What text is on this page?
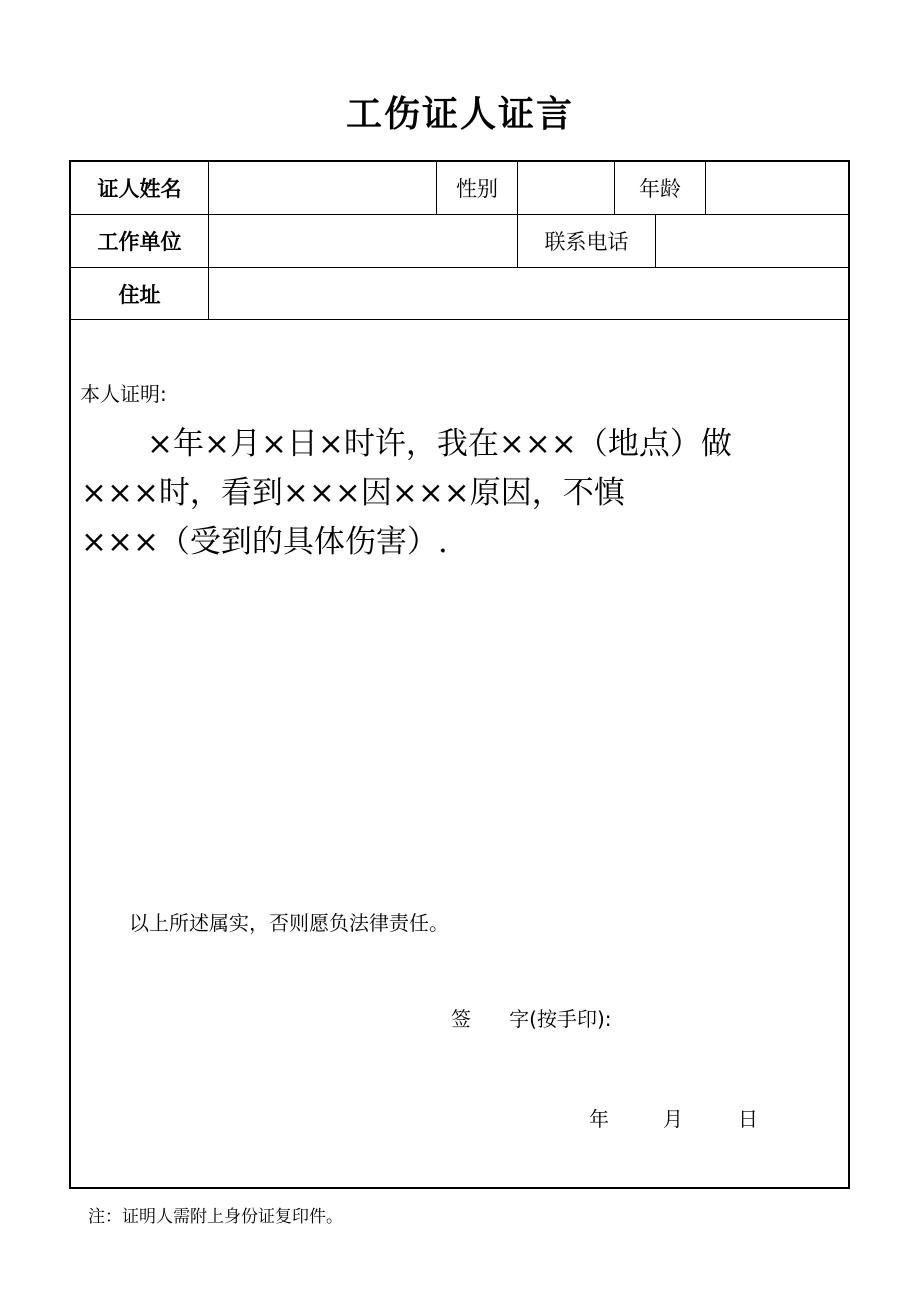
工伤证人证言
证人姓名	性别	年龄
工作单位	联系电话
住址
本人证明:
×年×月×日×时许，我在×××（地点）做
×××时，看到×××因×××原因，不慎
×××（受到的具体伤害）.
以上所述属实，否则愿负法律责任。
签      字(按手印):
年	月	日
注：证明人需附上身份证复印件。
